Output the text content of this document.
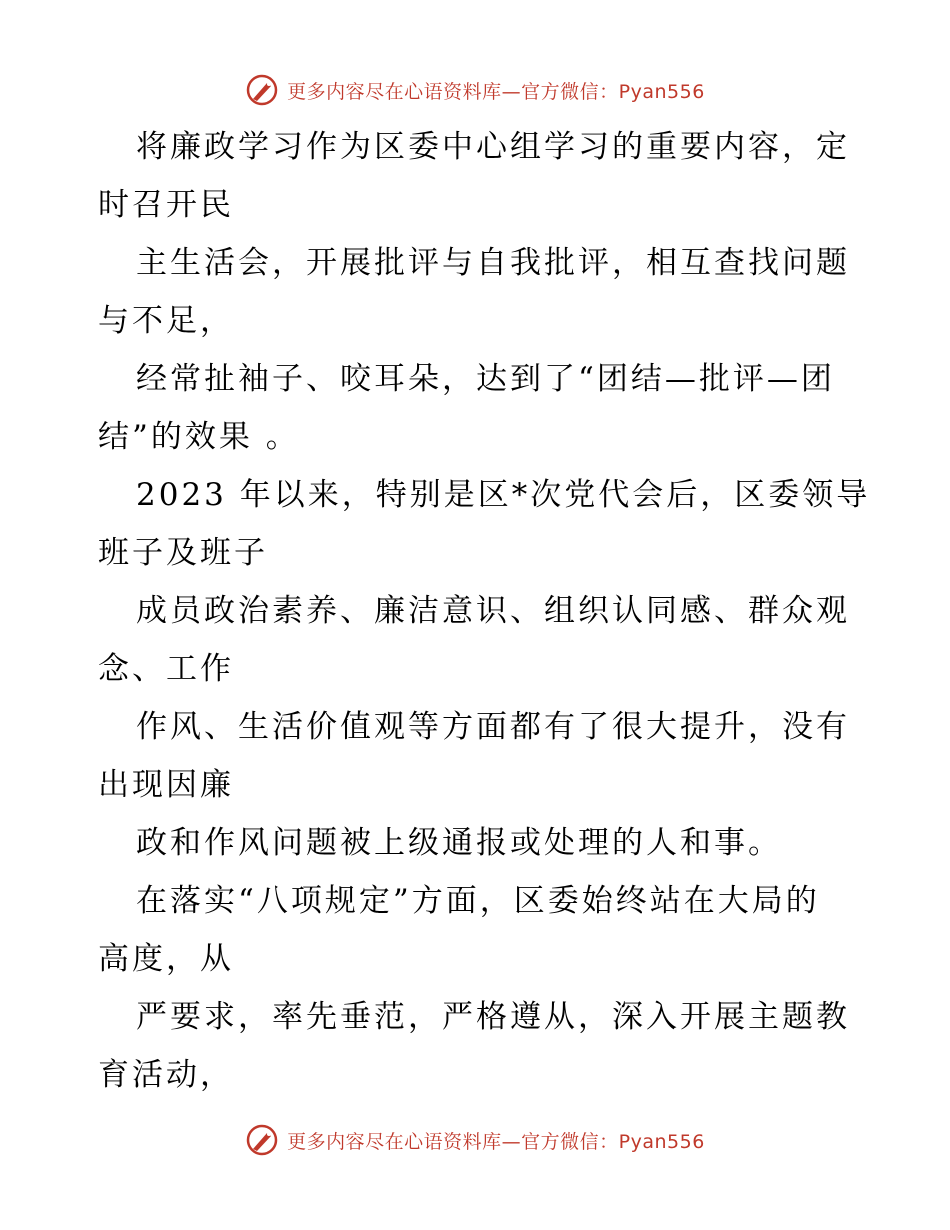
更多内容尽在心语资料库—官方微信：Pyan556
将廉政学习作为区委中心组学习的重要内容，定
时召开民
主生活会，开展批评与自我批评，相互查找问题
与不足，
经常扯袖子、咬耳朵，达到了“团结—批评—团
结”的效果 。
2023 年以来，特别是区*次党代会后，区委领导
班子及班子
成员政治素养、廉洁意识、组织认同感、群众观
念、工作
作风、生活价值观等方面都有了很大提升，没有
出现因廉
政和作风问题被上级通报或处理的人和事。
在落实“八项规定”方面，区委始终站在大局的
高度，从
严要求，率先垂范，严格遵从，深入开展主题教
育活动，
更多内容尽在心语资料库—官方微信：Pyan556
